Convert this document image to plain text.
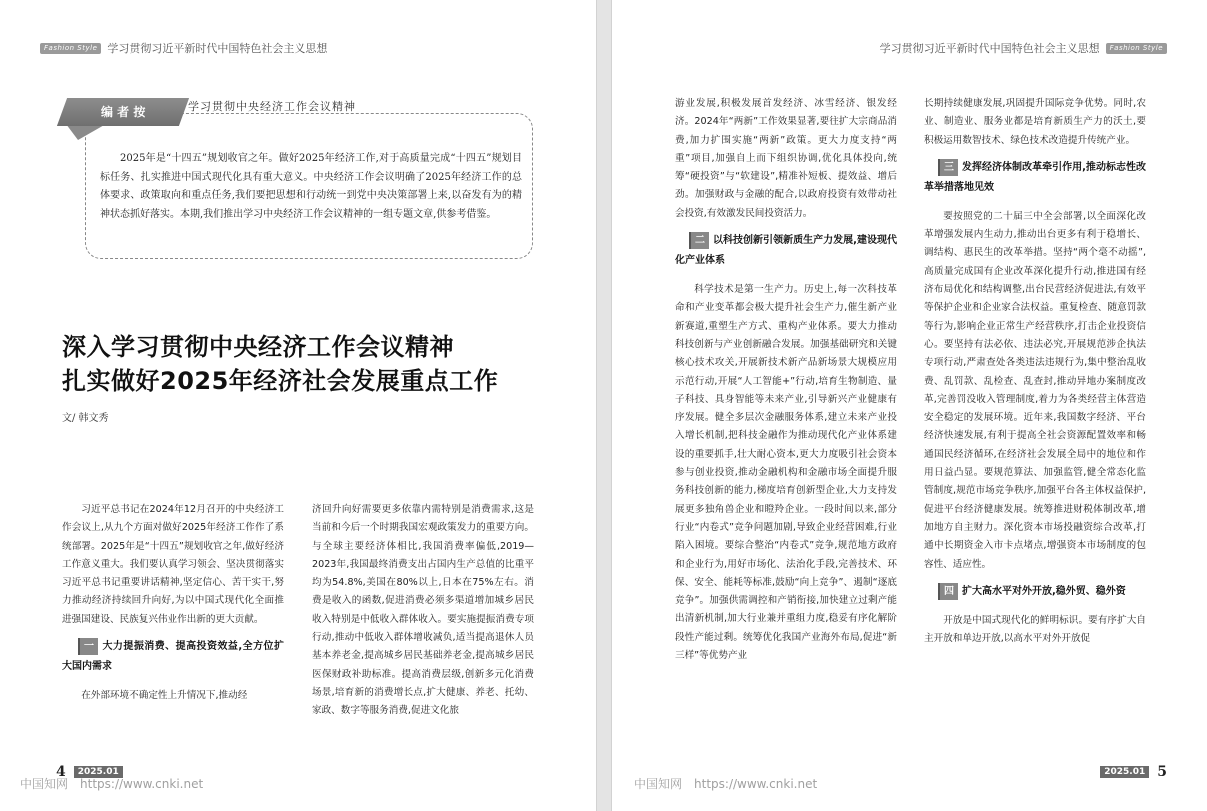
Fashion Style 学习贯彻习近平新时代中国特色社会主义思想
编 者 按	学习贯彻中央经济工作会议精神
2025年是“十四五”规划收官之年。做好2025年经济工作,对于高质量完成“十四五”规划目标任务、扎实推进中国式现代化具有重大意义。中央经济工作会议明确了2025年经济工作的总体要求、政策取向和重点任务,我们要把思想和行动统一到党中央决策部署上来,以奋发有为的精神状态抓好落实。本期,我们推出学习中央经济工作会议精神的一组专题文章,供参考借鉴。
深入学习贯彻中央经济工作会议精神
扎实做好2025年经济社会发展重点工作
文/ 韩文秀

习近平总书记在2024年12月召开的中央经济工作会议上,从九个方面对做好2025年经济工作作了系统部署。2025年是“十四五”规划收官之年,做好经济工作意义重大。我们要认真学习领会、坚决贯彻落实习近平总书记重要讲话精神,坚定信心、苦干实干,努力推动经济持续回升向好,为以中国式现代化全面推进强国建设、民族复兴伟业作出新的更大贡献。

一 大力提振消费、提高投资效益,全方位扩大国内需求

在外部环境不确定性上升情况下,推动经

济回升向好需要更多依靠内需特别是消费需求,这是当前和今后一个时期我国宏观政策发力的重要方向。与全球主要经济体相比,我国消费率偏低,2019—2023年,我国最终消费支出占国内生产总值的比重平均为54.8%,美国在80%以上,日本在75%左右。消费是收入的函数,促进消费必须多渠道增加城乡居民收入特别是中低收入群体收入。要实施提振消费专项行动,推动中低收入群体增收减负,适当提高退休人员基本养老金,提高城乡居民基础养老金,提高城乡居民医保财政补助标准。提高消费层级,创新多元化消费场景,培育新的消费增长点,扩大健康、养老、托幼、家政、数字等服务消费,促进文化旅

4	2025.01
中国知网 https://www.cnki.net
学习贯彻习近平新时代中国特色社会主义思想	Fashion Style

游业发展,积极发展首发经济、冰雪经济、银发经济。2024年“两新”工作效果显著,要往扩大宗商品消费,加力扩围实施“两新”政策。更大力度支持“两重”项目,加强自上而下组织协调,优化具体投向,统筹“硬投资”与“软建设”,精准补短板、提效益、增后劲。加强财政与金融的配合,以政府投资有效带动社会投资,有效激发民间投资活力。

二 以科技创新引领新质生产力发展,建设现代化产业体系

科学技术是第一生产力。历史上,每一次科技革命和产业变革都会极大提升社会生产力,催生新产业新赛道,重塑生产方式、重构产业体系。要大力推动科技创新与产业创新融合发展。加强基础研究和关键核心技术攻关,开展新技术新产品新场景大规模应用示范行动,开展“人工智能+”行动,培育生物制造、量子科技、具身智能等未来产业,引导新兴产业健康有序发展。健全多层次金融服务体系,建立未来产业投入增长机制,把科技金融作为推动现代化产业体系建设的重要抓手,壮大耐心资本,更大力度吸引社会资本参与创业投资,推动金融机构和金融市场全面提升服务科技创新的能力,梯度培育创新型企业,大力支持发展更多独角兽企业和瞪羚企业。一段时间以来,部分行业“内卷式”竞争问题加剧,导致企业经营困难,行业陷入困境。要综合整治“内卷式”竞争,规范地方政府和企业行为,用好市场化、法治化手段,完善技术、环保、安全、能耗等标准,鼓励“向上竞争”、遏制“逐底竞争”。加强供需调控和产销衔接,加快建立过剩产能出清新机制,加大行业兼并重组力度,稳妥有序化解阶段性产能过剩。统筹优化我国产业海外布局,促进“新三样”等优势产业

长期持续健康发展,巩固提升国际竞争优势。同时,农业、制造业、服务业都是培育新质生产力的沃土,要积极运用数智技术、绿色技术改造提升传统产业。

三 发挥经济体制改革牵引作用,推动标志性改革举措落地见效

要按照党的二十届三中全会部署,以全面深化改革增强发展内生动力,推动出台更多有利于稳增长、调结构、惠民生的改革举措。坚持“两个毫不动摇”,高质量完成国有企业改革深化提升行动,推进国有经济布局优化和结构调整,出台民营经济促进法,有效平等保护企业和企业家合法权益。重复检查、随意罚款等行为,影响企业正常生产经营秩序,打击企业投资信心。要坚持有法必依、违法必究,开展规范涉企执法专项行动,严肃查处各类违法违规行为,集中整治乱收费、乱罚款、乱检查、乱查封,推动异地办案制度改革,完善罚没收入管理制度,着力为各类经营主体营造安全稳定的发展环境。近年来,我国数字经济、平台经济快速发展,有利于提高全社会资源配置效率和畅通国民经济循环,在经济社会发展全局中的地位和作用日益凸显。要规范算法、加强监管,健全常态化监管制度,规范市场竞争秩序,加强平台各主体权益保护,促进平台经济健康发展。统筹推进财税体制改革,增加地方自主财力。深化资本市场投融资综合改革,打通中长期资金入市卡点堵点,增强资本市场制度的包容性、适应性。

四 扩大高水平对外开放,稳外贸、稳外资

开放是中国式现代化的鲜明标识。要有序扩大自主开放和单边开放,以高水平对外开放促

2025.01 5
中国知网 https://www.cnki.net
